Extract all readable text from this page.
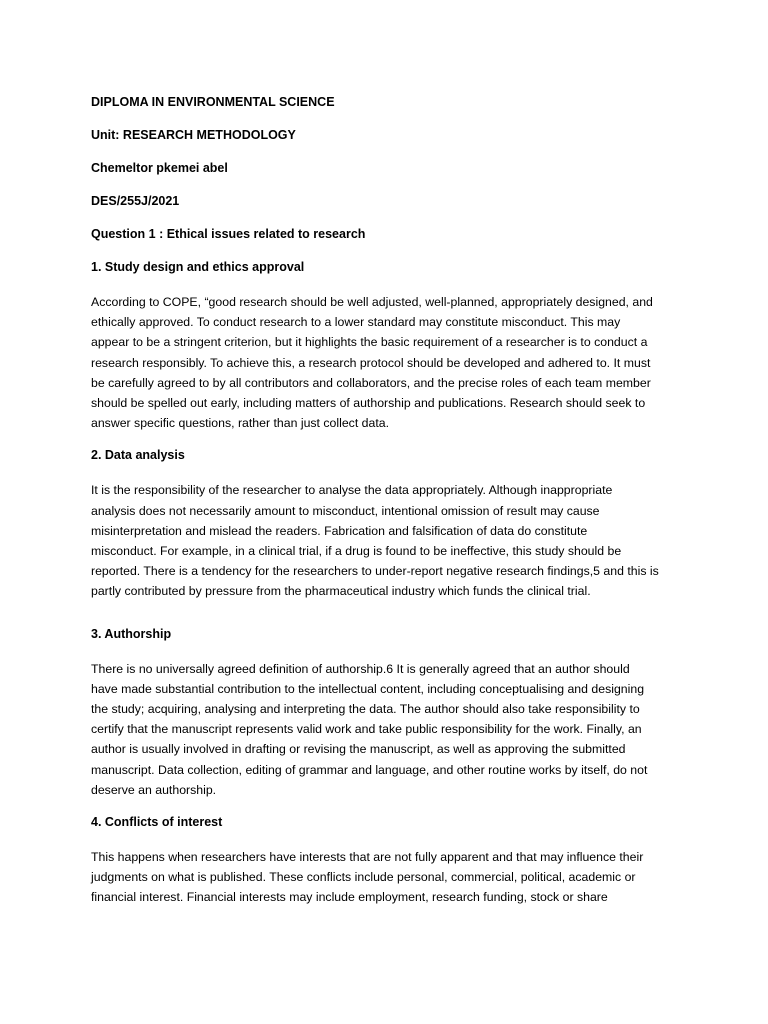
DIPLOMA IN ENVIRONMENTAL SCIENCE
Unit: RESEARCH METHODOLOGY
Chemeltor pkemei abel
DES/255J/2021
Question 1 : Ethical issues related to research
1. Study design and ethics approval
According to COPE, “good research should be well adjusted, well-planned, appropriately designed, and
ethically approved. To conduct research to a lower standard may constitute misconduct. This may
appear to be a stringent criterion, but it highlights the basic requirement of a researcher is to conduct a
research responsibly. To achieve this, a research protocol should be developed and adhered to. It must
be carefully agreed to by all contributors and collaborators, and the precise roles of each team member
should be spelled out early, including matters of authorship and publications. Research should seek to
answer specific questions, rather than just collect data.
2. Data analysis
It is the responsibility of the researcher to analyse the data appropriately. Although inappropriate
analysis does not necessarily amount to misconduct, intentional omission of result may cause
misinterpretation and mislead the readers. Fabrication and falsification of data do constitute
misconduct. For example, in a clinical trial, if a drug is found to be ineffective, this study should be
reported. There is a tendency for the researchers to under-report negative research findings,5 and this is
partly contributed by pressure from the pharmaceutical industry which funds the clinical trial.
3. Authorship
There is no universally agreed definition of authorship.6 It is generally agreed that an author should
have made substantial contribution to the intellectual content, including conceptualising and designing
the study; acquiring, analysing and interpreting the data. The author should also take responsibility to
certify that the manuscript represents valid work and take public responsibility for the work. Finally, an
author is usually involved in drafting or revising the manuscript, as well as approving the submitted
manuscript. Data collection, editing of grammar and language, and other routine works by itself, do not
deserve an authorship.
4. Conflicts of interest
This happens when researchers have interests that are not fully apparent and that may influence their
judgments on what is published. These conflicts include personal, commercial, political, academic or
financial interest. Financial interests may include employment, research funding, stock or share
